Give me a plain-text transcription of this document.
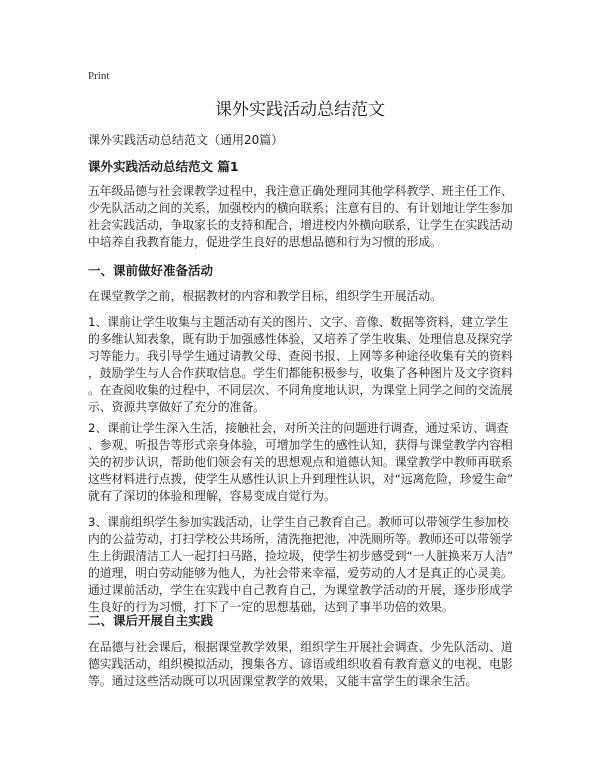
Print
课外实践活动总结范文
课外实践活动总结范文（通用20篇）
课外实践活动总结范文 篇1
五年级品德与社会课教学过程中，我注意正确处理同其他学科教学、班主任工作、
少先队活动之间的关系，加强校内的横向联系；注意有目的、有计划地让学生参加
社会实践活动，争取家长的支持和配合，增进校内外横向联系，让学生在实践活动
中培养自我教育能力，促进学生良好的思想品德和行为习惯的形成。
一、课前做好准备活动
在课堂教学之前，根据教材的内容和教学目标，组织学生开展活动。
1、课前让学生收集与主题活动有关的图片、文字、音像、数据等资料，建立学生
的多维认知表象，既有助于加强感性体验，又培养了学生收集、处理信息及探究学
习等能力。我引导学生通过请教父母、查阅书报、上网等多种途径收集有关的资料
，鼓励学生与人合作获取信息。学生们都能积极参与，收集了各种图片及文字资料
。在查阅收集的过程中，不同层次、不同角度地认识，为课堂上同学之间的交流展
示、资源共享做好了充分的准备。
2、课前让学生深入生活，接触社会，对所关注的问题进行调查，通过采访、调查
、参观、听报告等形式亲身体验，可增加学生的感性认知，获得与课堂教学内容相
关的初步认识，帮助他们领会有关的思想观点和道德认知。课堂教学中教师再联系
这些材料进行点拨，使学生从感性认识上升到理性认识，对“远离危险，珍爱生命”
就有了深切的体验和理解，容易变成自觉行为。
3、课前组织学生参加实践活动，让学生自己教育自己。教师可以带领学生参加校
内的公益劳动，打扫学校公共场所，清洗拖把池，冲洗厕所等。教师还可以带领学
生上街跟清洁工人一起打扫马路，捡垃圾，使学生初步感受到“一人脏换来万人洁”
的道理，明白劳动能够为他人，为社会带来幸福，爱劳动的人才是真正的心灵美。
通过课前活动，学生在实践中自己教育自己，为课堂教学活动的开展，逐步形成学
生良好的行为习惯，打下了一定的思想基础，达到了事半功倍的效果。
二、课后开展自主实践
在品德与社会课后，根据课堂教学效果，组织学生开展社会调查、少先队活动、道
德实践活动，组织模拟活动，搜集各方、谚语或组织收看有教育意义的电视、电影
等。通过这些活动既可以巩固课堂教学的效果，又能丰富学生的课余生活。
